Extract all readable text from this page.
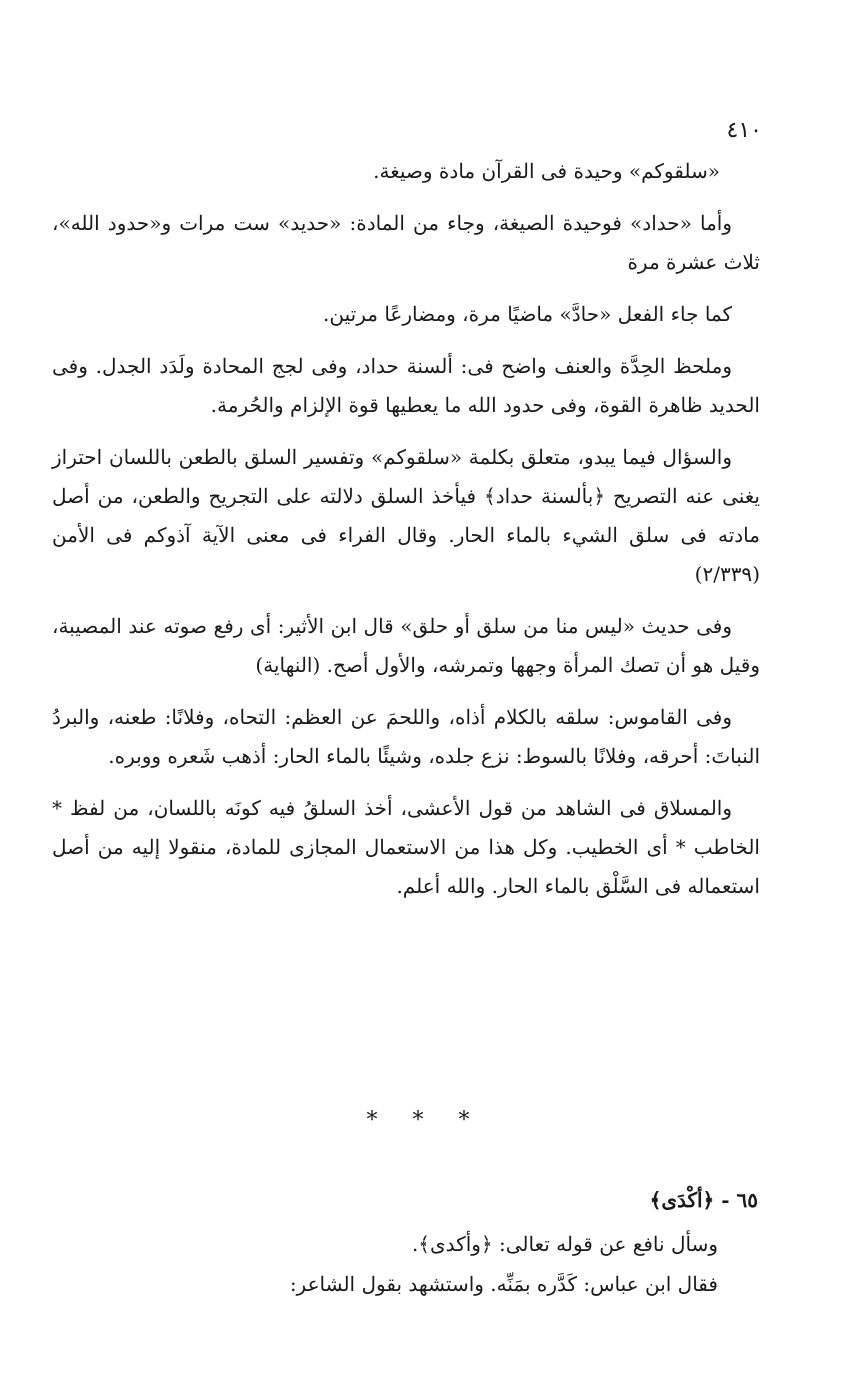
٤١٠

«سلقوكم» وحيدة فى القرآن مادة وصيغة.

وأما «حداد» فوحيدة الصيغة، وجاء من المادة: «حديد» ست مرات و«حدود الله»، ثلاث عشرة مرة

كما جاء الفعل «حادَّ» ماضيًا مرة، ومضارعًا مرتين.

وملحظ الحِدَّة والعنف واضح فى: ألسنة حداد، وفى لجج المحادة ولَدَد الجدل. وفى الحديد ظاهرة القوة، وفى حدود الله ما يعطيها قوة الإلزام والحُرمة.

والسؤال فيما يبدو، متعلق بكلمة «سلقوكم» وتفسير السلق بالطعن باللسان احتراز يغنى عنه التصريح ﴿بألسنة حداد﴾ فيأخذ السلق دلالته على التجريح والطعن، من أصل مادته فى سلق الشيء بالماء الحار. وقال الفراء فى معنى الآية آذوكم فى الأمن (٢/٣٣٩)

وفى حديث «ليس منا من سلق أو حلق» قال ابن الأثير: أى رفع صوته عند المصيبة، وقيل هو أن تصك المرأة وجهها وتمرشه، والأول أصح. (النهاية)

وفى القاموس: سلقه بالكلام أذاه، واللحمَ عن العظم: التحاه، وفلانًا: طعنه، والبردُ النباتَ: أحرقه، وفلانًا بالسوط: نزع جلده، وشيئًا بالماء الحار: أذهب شَعره ووبره.

والمسلاق فى الشاهد من قول الأعشى، أخذ السلقُ فيه كونَه باللسان، من لفظ * الخاطب * أى الخطيب. وكل هذا من الاستعمال المجازى للمادة، منقولا إليه من أصل استعماله فى السَّلْق بالماء الحار. والله أعلم.

* * *

٦٥ - ﴿أكْدَى﴾

وسأل نافع عن قوله تعالى: ﴿وأكدى﴾.

فقال ابن عباس: كَدَّره بمَنِّه. واستشهد بقول الشاعر:
